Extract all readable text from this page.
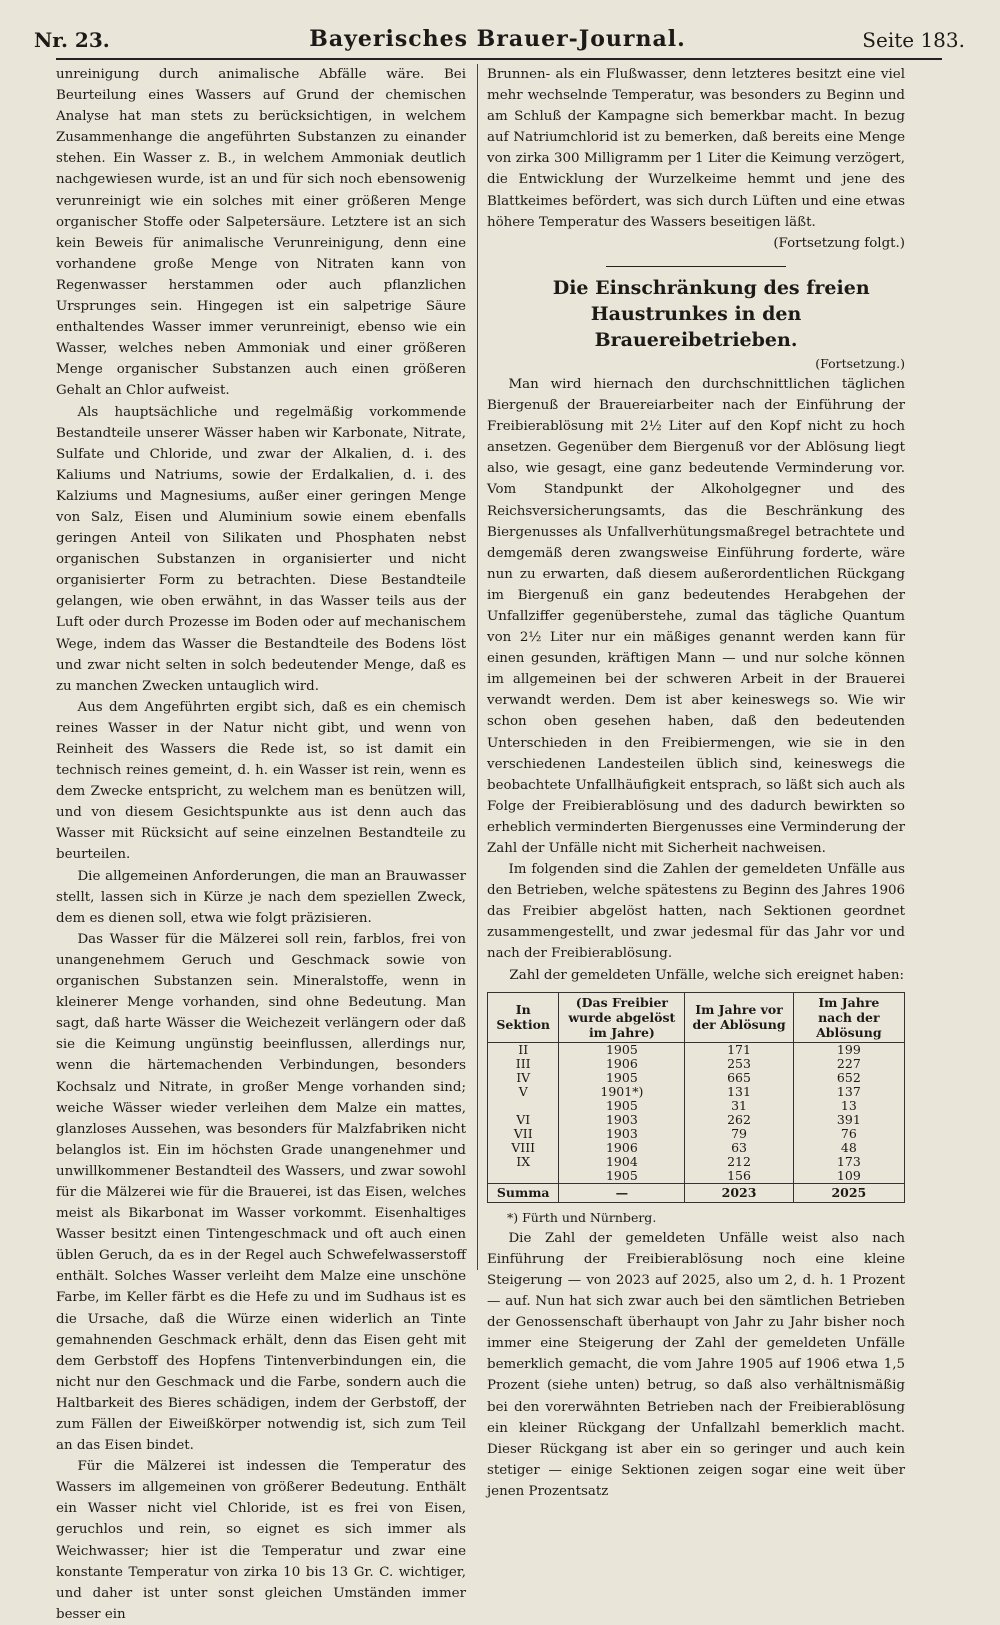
Nr. 23.	Bayerisches Brauer-Journal.	Seite 183.

unreinigung durch animalische Abfälle wäre. Bei Beurteilung eines Wassers auf Grund der chemischen Analyse hat man stets zu berücksichtigen, in welchem Zusammenhange die angeführten Substanzen zu einander stehen. Ein Wasser z. B., in welchem Ammoniak deutlich nachgewiesen wurde, ist an und für sich noch ebensowenig verunreinigt wie ein solches mit einer größeren Menge organischer Stoffe oder Salpetersäure. Letztere ist an sich kein Beweis für animalische Verunreinigung, denn eine vorhandene große Menge von Nitraten kann von Regenwasser herstammen oder auch pflanzlichen Ursprunges sein. Hingegen ist ein salpetrige Säure enthaltendes Wasser immer verunreinigt, ebenso wie ein Wasser, welches neben Ammoniak und einer größeren Menge organischer Substanzen auch einen größeren Gehalt an Chlor aufweist.

Als hauptsächliche und regelmäßig vorkommende Bestandteile unserer Wässer haben wir Karbonate, Nitrate, Sulfate und Chloride, und zwar der Alkalien, d. i. des Kaliums und Natriums, sowie der Erdalkalien, d. i. des Kalziums und Magnesiums, außer einer geringen Menge von Salz, Eisen und Aluminium sowie einem ebenfalls geringen Anteil von Silikaten und Phosphaten nebst organischen Substanzen in organisierter und nicht organisierter Form zu betrachten. Diese Bestandteile gelangen, wie oben erwähnt, in das Wasser teils aus der Luft oder durch Prozesse im Boden oder auf mechanischem Wege, indem das Wasser die Bestandteile des Bodens löst und zwar nicht selten in solch bedeutender Menge, daß es zu manchen Zwecken untauglich wird.

Aus dem Angeführten ergibt sich, daß es ein chemisch reines Wasser in der Natur nicht gibt, und wenn von Reinheit des Wassers die Rede ist, so ist damit ein technisch reines gemeint, d. h. ein Wasser ist rein, wenn es dem Zwecke entspricht, zu welchem man es benützen will, und von diesem Gesichtspunkte aus ist denn auch das Wasser mit Rücksicht auf seine einzelnen Bestandteile zu beurteilen.

Die allgemeinen Anforderungen, die man an Brauwasser stellt, lassen sich in Kürze je nach dem speziellen Zweck, dem es dienen soll, etwa wie folgt präzisieren.

Das Wasser für die Mälzerei soll rein, farblos, frei von unangenehmem Geruch und Geschmack sowie von organischen Substanzen sein. Mineralstoffe, wenn in kleinerer Menge vorhanden, sind ohne Bedeutung. Man sagt, daß harte Wässer die Weichezeit verlängern oder daß sie die Keimung ungünstig beeinflussen, allerdings nur, wenn die härtemachenden Verbindungen, besonders Kochsalz und Nitrate, in großer Menge vorhanden sind; weiche Wässer wieder verleihen dem Malze ein mattes, glanzloses Aussehen, was besonders für Malzfabriken nicht belanglos ist. Ein im höchsten Grade unangenehmer und unwillkommener Bestandteil des Wassers, und zwar sowohl für die Mälzerei wie für die Brauerei, ist das Eisen, welches meist als Bikarbonat im Wasser vorkommt. Eisenhaltiges Wasser besitzt einen Tintengeschmack und oft auch einen üblen Geruch, da es in der Regel auch Schwefelwasserstoff enthält. Solches Wasser verleiht dem Malze eine unschöne Farbe, im Keller färbt es die Hefe zu und im Sudhaus ist es die Ursache, daß die Würze einen widerlich an Tinte gemahnenden Geschmack erhält, denn das Eisen geht mit dem Gerbstoff des Hopfens Tintenverbindungen ein, die nicht nur den Geschmack und die Farbe, sondern auch die Haltbarkeit des Bieres schädigen, indem der Gerbstoff, der zum Fällen der Eiweißkörper notwendig ist, sich zum Teil an das Eisen bindet.

Für die Mälzerei ist indessen die Temperatur des Wassers im allgemeinen von größerer Bedeutung. Enthält ein Wasser nicht viel Chloride, ist es frei von Eisen, geruchlos und rein, so eignet es sich immer als Weichwasser; hier ist die Temperatur und zwar eine konstante Temperatur von zirka 10 bis 13 Gr. C. wichtiger, und daher ist unter sonst gleichen Umständen immer besser ein

Brunnen- als ein Flußwasser, denn letzteres besitzt eine viel mehr wechselnde Temperatur, was besonders zu Beginn und am Schluß der Kampagne sich bemerkbar macht. In bezug auf Natriumchlorid ist zu bemerken, daß bereits eine Menge von zirka 300 Milligramm per 1 Liter die Keimung verzögert, die Entwicklung der Wurzelkeime hemmt und jene des Blattkeimes befördert, was sich durch Lüften und eine etwas höhere Temperatur des Wassers beseitigen läßt.

(Fortsetzung folgt.)

Die Einschränkung des freien Haustrunkes in den Brauereibetrieben.

(Fortsetzung.)

Man wird hiernach den durchschnittlichen täglichen Biergenuß der Brauereiarbeiter nach der Einführung der Freibierablösung mit 2½ Liter auf den Kopf nicht zu hoch ansetzen. Gegenüber dem Biergenuß vor der Ablösung liegt also, wie gesagt, eine ganz bedeutende Verminderung vor. Vom Standpunkt der Alkoholgegner und des Reichsversicherungsamts, das die Beschränkung des Biergenusses als Unfallverhütungsmaßregel betrachtete und demgemäß deren zwangsweise Einführung forderte, wäre nun zu erwarten, daß diesem außerordentlichen Rückgang im Biergenuß ein ganz bedeutendes Herabgehen der Unfallziffer gegenüberstehe, zumal das tägliche Quantum von 2½ Liter nur ein mäßiges genannt werden kann für einen gesunden, kräftigen Mann — und nur solche können im allgemeinen bei der schweren Arbeit in der Brauerei verwandt werden. Dem ist aber keineswegs so. Wie wir schon oben gesehen haben, daß den bedeutenden Unterschieden in den Freibiermengen, wie sie in den verschiedenen Landesteilen üblich sind, keineswegs die beobachtete Unfallhäufigkeit entsprach, so läßt sich auch als Folge der Freibierablösung und des dadurch bewirkten so erheblich verminderten Biergenusses eine Verminderung der Zahl der Unfälle nicht mit Sicherheit nachweisen.

Im folgenden sind die Zahlen der gemeldeten Unfälle aus den Betrieben, welche spätestens zu Beginn des Jahres 1906 das Freibier abgelöst hatten, nach Sektionen geordnet zusammengestellt, und zwar jedesmal für das Jahr vor und nach der Freibierablösung.

Zahl der gemeldeten Unfälle, welche sich ereignet haben:

In Sektion	(Das Freibier wurde abgelöst im Jahre)	Im Jahre vor der Ablösung	Im Jahre nach der Ablösung
II	1905	171	199
III	1906	253	227
IV	1905	665	652
V	1901*)	131	137
	1905	31	13
VI	1903	262	391
VII	1903	79	76
VIII	1906	63	48
IX	1904	212	173
	1905	156	109
Summa	—	2023	2025

*) Fürth und Nürnberg.

Die Zahl der gemeldeten Unfälle weist also nach Einführung der Freibierablösung noch eine kleine Steigerung — von 2023 auf 2025, also um 2, d. h. 1 Prozent — auf. Nun hat sich zwar auch bei den sämtlichen Betrieben der Genossenschaft überhaupt von Jahr zu Jahr bisher noch immer eine Steigerung der Zahl der gemeldeten Unfälle bemerklich gemacht, die vom Jahre 1905 auf 1906 etwa 1,5 Prozent (siehe unten) betrug, so daß also verhältnismäßig bei den vorerwähnten Betrieben nach der Freibierablösung ein kleiner Rückgang der Unfallzahl bemerklich macht. Dieser Rückgang ist aber ein so geringer und auch kein stetiger — einige Sektionen zeigen sogar eine weit über jenen Prozentsatz
